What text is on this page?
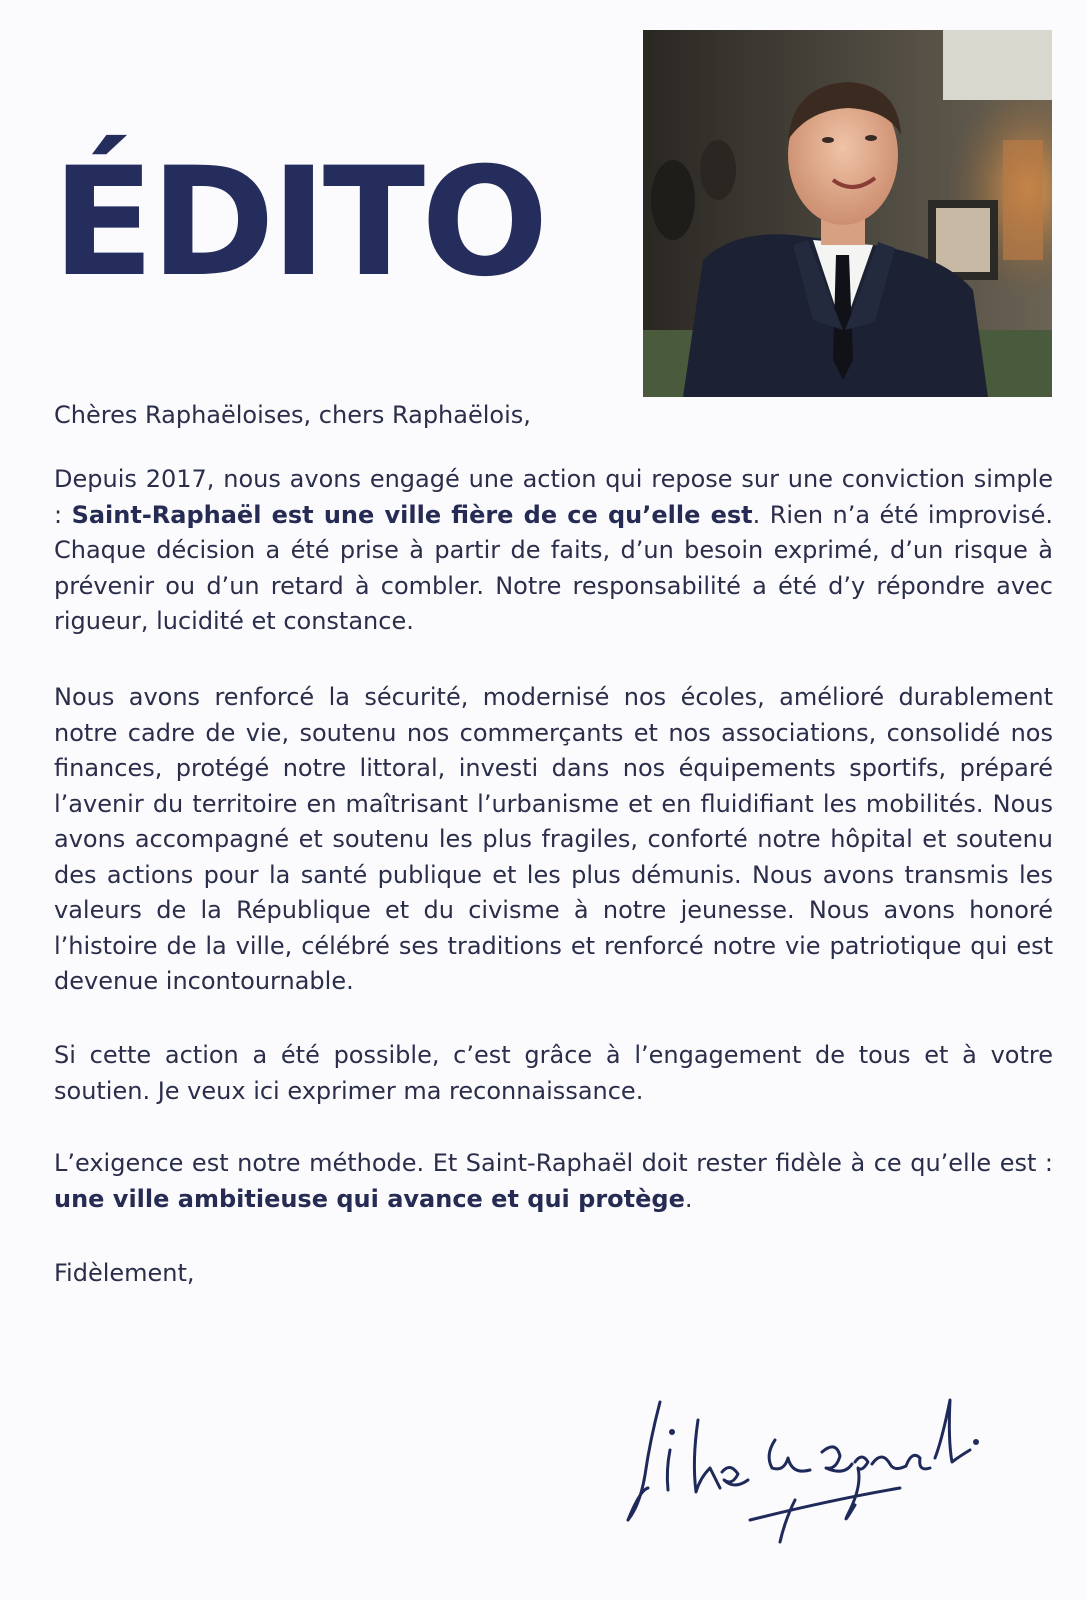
ÉDITO

Chères Raphaëloises, chers Raphaëlois,

Depuis 2017, nous avons engagé une action qui repose sur une conviction simple : Saint-Raphaël est une ville fière de ce qu’elle est. Rien n’a été improvisé. Chaque décision a été prise à partir de faits, d’un besoin exprimé, d’un risque à prévenir ou d’un retard à combler. Notre responsabilité a été d’y répondre avec rigueur, lucidité et constance.

Nous avons renforcé la sécurité, modernisé nos écoles, amélioré durablement notre cadre de vie, soutenu nos commerçants et nos associations, consolidé nos finances, protégé notre littoral, investi dans nos équipements sportifs, préparé l’avenir du territoire en maîtrisant l’urbanisme et en fluidifiant les mobilités. Nous avons accompagné et soutenu les plus fragiles, conforté notre hôpital et soutenu des actions pour la santé publique et les plus démunis. Nous avons transmis les valeurs de la République et du civisme à notre jeunesse. Nous avons honoré l’histoire de la ville, célébré ses traditions et renforcé notre vie patriotique qui est devenue incontournable.

Si cette action a été possible, c’est grâce à l’engagement de tous et à votre soutien. Je veux ici exprimer ma reconnaissance.

L’exigence est notre méthode. Et Saint-Raphaël doit rester fidèle à ce qu’elle est : une ville ambitieuse qui avance et qui protège.

Fidèlement,
